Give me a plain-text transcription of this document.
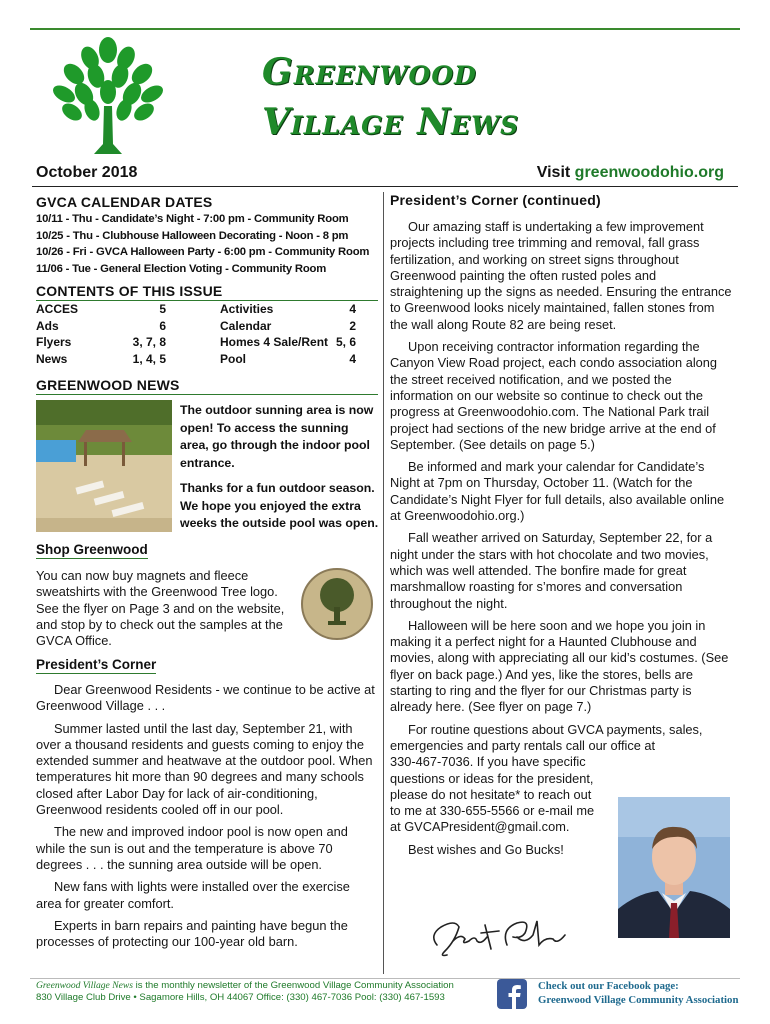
Greenwood
Village News
October 2018	Visit greenwoodohio.org
GVCA CALENDAR DATES
10/11 - Thu - Candidate’s Night - 7:00 pm - Community Room
10/25 - Thu - Clubhouse Halloween Decorating - Noon - 8 pm
10/26 - Fri - GVCA Halloween Party - 6:00 pm - Community Room
11/06 - Tue - General Election Voting - Community Room
CONTENTS OF THIS ISSUE
ACCES	5	Activities	4
Ads	6	Calendar	2
Flyers	3, 7, 8	Homes 4 Sale/Rent 5, 6
News	1, 4, 5	Pool	4
GREENWOOD NEWS

The outdoor sunning area is now open! To access the sunning area, go through the indoor pool entrance.

Thanks for a fun outdoor season. We hope you enjoyed the extra weeks the outside pool was open.

Shop Greenwood
You can now buy magnets and fleece sweatshirts with the Greenwood Tree logo. See the flyer on Page 3 and on the website, and stop by to check out the samples at the GVCA Office.
President’s Corner

Dear Greenwood Residents - we continue to be active at Greenwood Village . . .

Summer lasted until the last day, September 21, with over a thousand residents and guests coming to enjoy the extended summer and heatwave at the outdoor pool. When temperatures hit more than 90 degrees and many schools closed after Labor Day for lack of air-conditioning, Greenwood residents cooled off in our pool.

The new and improved indoor pool is now open and while the sun is out and the temperature is above 70 degrees . . . the sunning area outside will be open.

New fans with lights were installed over the exercise area for greater comfort.

Experts in barn repairs and painting have begun the processes of protecting our 100-year old barn.

President’s Corner (continued)

Our amazing staff is undertaking a few improvement projects including tree trimming and removal, fall grass fertilization, and working on street signs throughout Greenwood painting the often rusted poles and straightening up the signs as needed. Ensuring the entrance to Greenwood looks nicely maintained, fallen stones from the wall along Route 82 are being reset.

Upon receiving contractor information regarding the Canyon View Road project, each condo association along the street received notification, and we posted the information on our website so continue to check out the progress at Greenwoodohio.com. The National Park trail project had sections of the new bridge arrive at the end of September. (See details on page 5.)

Be informed and mark your calendar for Candidate’s Night at 7pm on Thursday, October 11. (Watch for the Candidate’s Night Flyer for full details, also available online at Greenwoodohio.org.)

Fall weather arrived on Saturday, September 22, for a night under the stars with hot chocolate and two movies, which was well attended. The bonfire made for great marshmallow roasting for s’mores and conversation throughout the night.

Halloween will be here soon and we hope you join in making it a perfect night for a Haunted Clubhouse and movies, along with appreciating all our kid’s costumes. (See flyer on back page.) And yes, like the stores, bells are starting to ring and the flyer for our Christmas party is already here. (See flyer on page 7.)

For routine questions about GVCA payments, sales, emergencies and party rentals call our office at

330-467-7036. If you have specific
questions or ideas for the president,
please do not hesitate* to reach out
to me at 330-655-5566 or e-mail me
at GVCAPresident@gmail.com.

Best wishes and Go Bucks!

Greenwood Village News is the monthly newsletter of the Greenwood Village Community Association
830 Village Club Drive • Sagamore Hills, OH 44067 Office: (330) 467-7036 Pool: (330) 467-1593
Check out our Facebook page:
Greenwood Village Community Association
